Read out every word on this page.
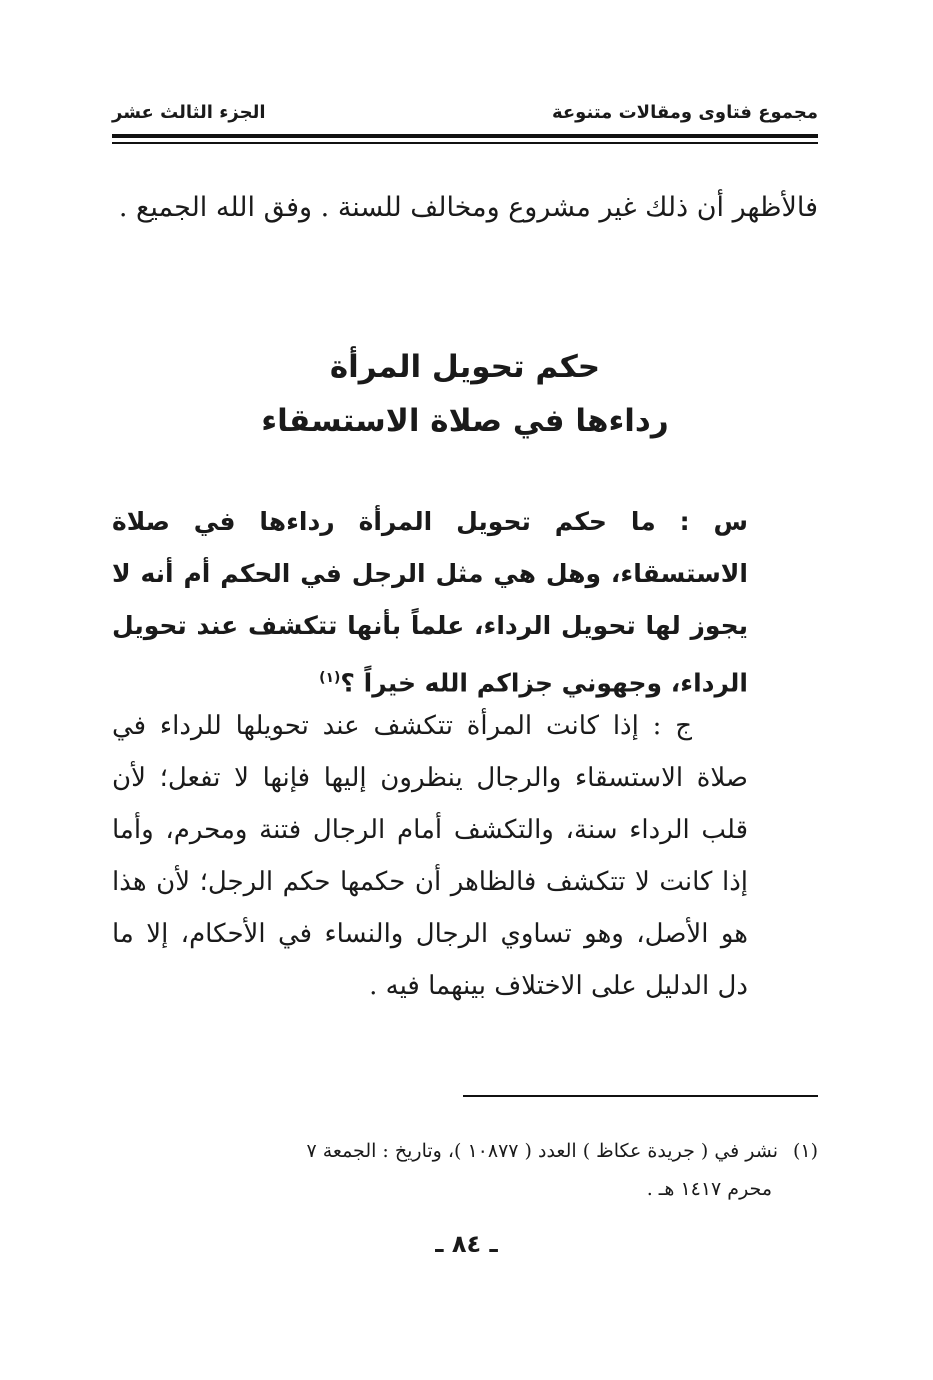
مجموع فتاوى ومقالات متنوعة
الجزء الثالث عشر

فالأظهر أن ذلك غير مشروع ومخالف للسنة . وفق الله الجميع .

حكم تحويل المرأة
رداءها في صلاة الاستسقاء

س : ما حكم تحويل المرأة رداءها في صلاة الاستسقاء، وهل هي مثل الرجل في الحكم أم أنه لا يجوز لها تحويل الرداء، علماً بأنها تتكشف عند تحويل الرداء، وجهوني جزاكم الله خيراً ؟$^{(١)}$

ج : إذا كانت المرأة تتكشف عند تحويلها للرداء في صلاة الاستسقاء والرجال ينظرون إليها فإنها لا تفعل؛ لأن قلب الرداء سنة، والتكشف أمام الرجال فتنة ومحرم، وأما إذا كانت لا تتكشف فالظاهر أن حكمها حكم الرجل؛ لأن هذا هو الأصل، وهو تساوي الرجال والنساء في الأحكام، إلا ما دل الدليل على الاختلاف بينهما فيه .

(١)نشر في ( جريدة عكاظ ) العدد ( ١٠٨٧٧ )، وتاريخ : الجمعة ٧
محرم ١٤١٧ هـ .
ـ ٨٤ ـ
